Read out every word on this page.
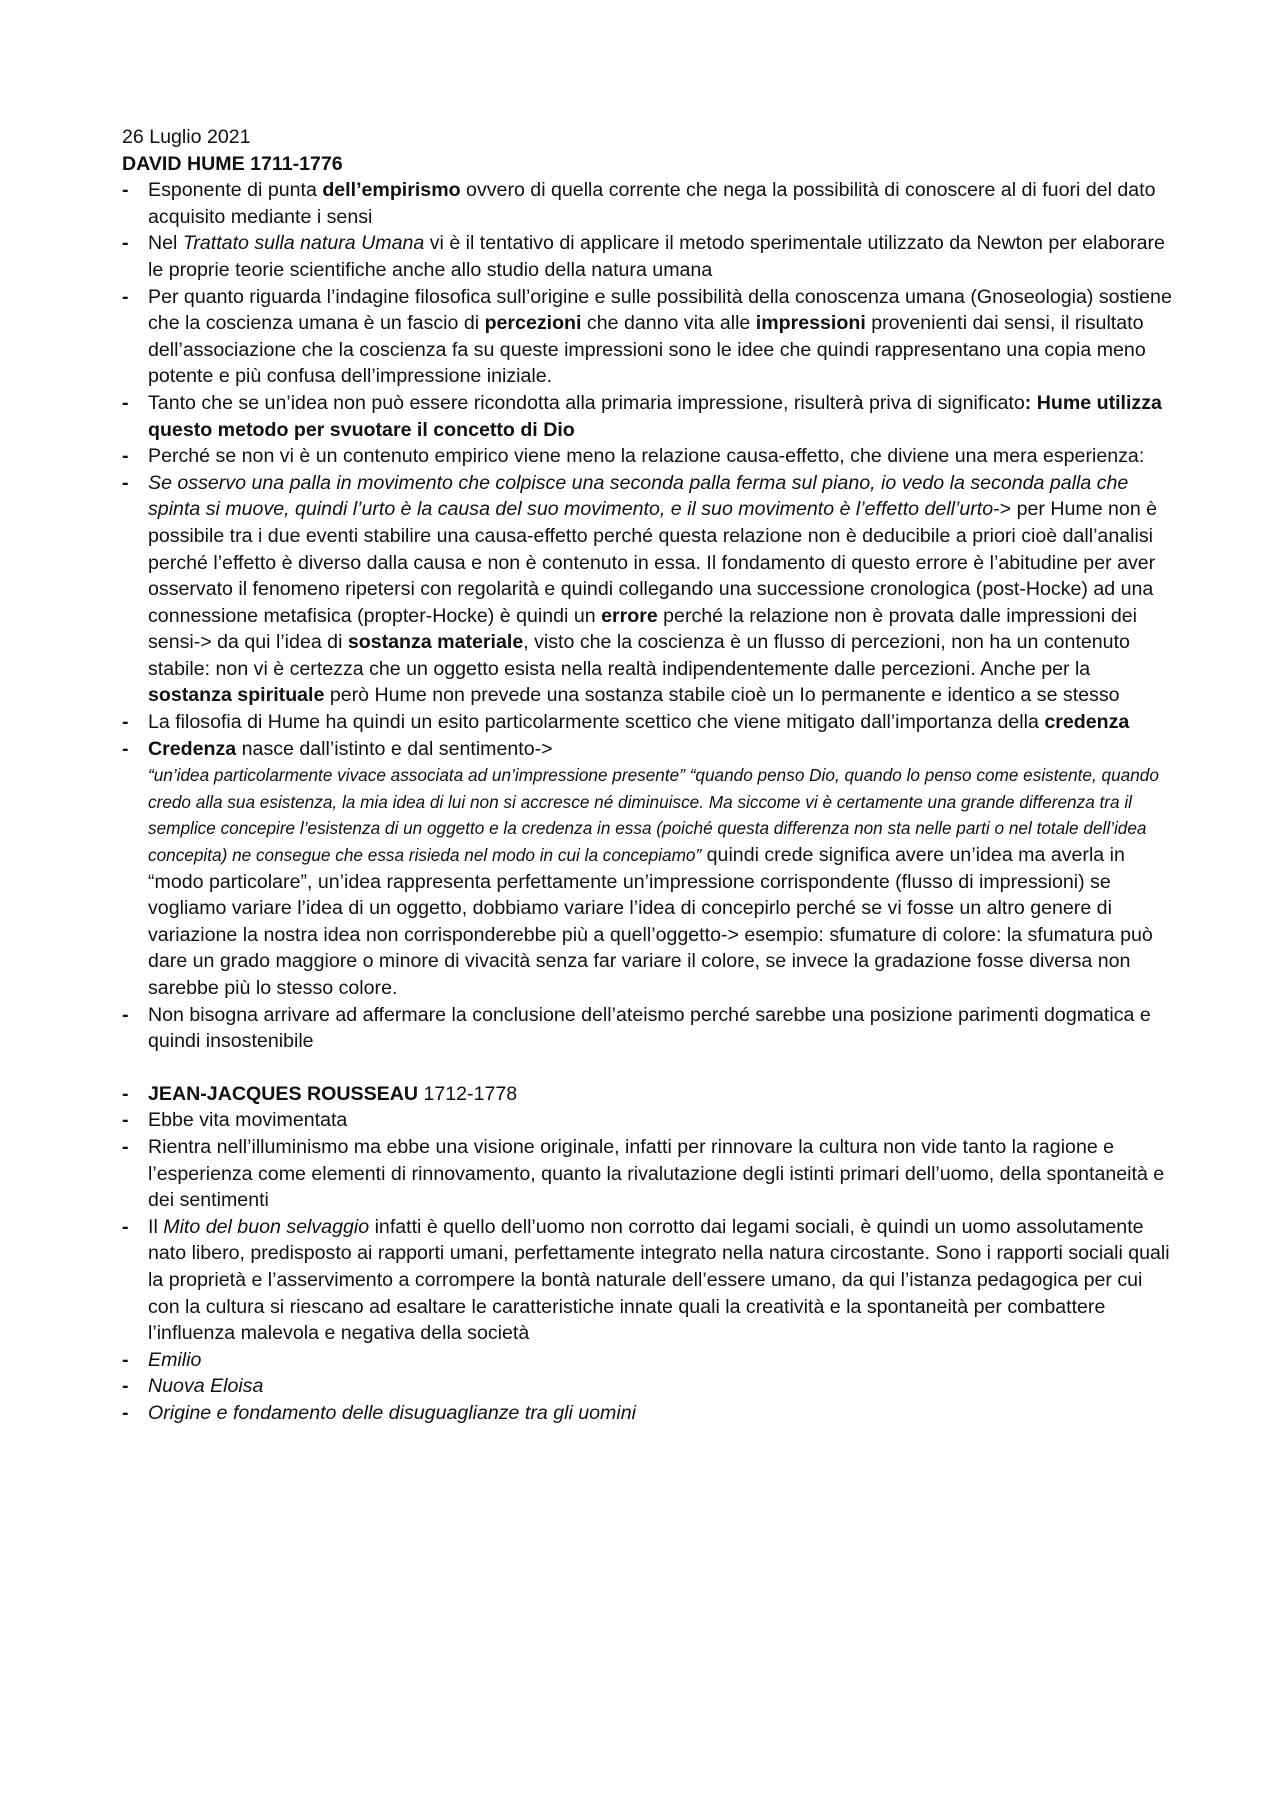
26 Luglio 2021

DAVID HUME 1711-1776

- Esponente di punta dell’empirismo ovvero di quella corrente che nega la possibilità di conoscere al di fuori del dato acquisito mediante i sensi

- Nel Trattato sulla natura Umana vi è il tentativo di applicare il metodo sperimentale utilizzato da Newton per elaborare le proprie teorie scientifiche anche allo studio della natura umana

- Per quanto riguarda l’indagine filosofica sull’origine e sulle possibilità della conoscenza umana (Gnoseologia) sostiene che la coscienza umana è un fascio di percezioni che danno vita alle impressioni provenienti dai sensi, il risultato dell’associazione che la coscienza fa su queste impressioni sono le idee che quindi rappresentano una copia meno potente e più confusa dell’impressione iniziale.

- Tanto che se un’idea non può essere ricondotta alla primaria impressione, risulterà priva di significato: Hume utilizza questo metodo per svuotare il concetto di Dio

- Perché se non vi è un contenuto empirico viene meno la relazione causa-effetto, che diviene una mera esperienza:

- Se osservo una palla in movimento che colpisce una seconda palla ferma sul piano, io vedo la seconda palla che spinta si muove, quindi l’urto è la causa del suo movimento, e il suo movimento è l’effetto dell’urto-> per Hume non è possibile tra i due eventi stabilire una causa-effetto perché questa relazione non è deducibile a priori cioè dall’analisi perché l’effetto è diverso dalla causa e non è contenuto in essa. Il fondamento di questo errore è l’abitudine per aver osservato il fenomeno ripetersi con regolarità e quindi collegando una successione cronologica (post-Hocke) ad una connessione metafisica (propter-Hocke) è quindi un errore perché la relazione non è provata dalle impressioni dei sensi-> da qui l’idea di sostanza materiale, visto che la coscienza è un flusso di percezioni, non ha un contenuto stabile: non vi è certezza che un oggetto esista nella realtà indipendentemente dalle percezioni. Anche per la sostanza spirituale però Hume non prevede una sostanza stabile cioè un Io permanente e identico a se stesso

- La filosofia di Hume ha quindi un esito particolarmente scettico che viene mitigato dall’importanza della credenza

- Credenza nasce dall’istinto e dal sentimento->
“un’idea particolarmente vivace associata ad un’impressione presente” “quando penso Dio, quando lo penso come esistente, quando credo alla sua esistenza, la mia idea di lui non si accresce né diminuisce. Ma siccome vi è certamente una grande differenza tra il semplice concepire l’esistenza di un oggetto e la credenza in essa (poiché questa differenza non sta nelle parti o nel totale dell’idea concepita) ne consegue che essa risieda nel modo in cui la concepiamo” quindi crede significa avere un’idea ma averla in “modo particolare”, un’idea rappresenta perfettamente un’impressione corrispondente (flusso di impressioni) se vogliamo variare l’idea di un oggetto, dobbiamo variare l’idea di concepirlo perché se vi fosse un altro genere di variazione la nostra idea non corrisponderebbe più a quell’oggetto-> esempio: sfumature di colore: la sfumatura può dare un grado maggiore o minore di vivacità senza far variare il colore, se invece la gradazione fosse diversa non sarebbe più lo stesso colore.

- Non bisogna arrivare ad affermare la conclusione dell’ateismo perché sarebbe una posizione parimenti dogmatica e quindi insostenibile

- JEAN-JACQUES ROUSSEAU 1712-1778

- Ebbe vita movimentata

- Rientra nell’illuminismo ma ebbe una visione originale, infatti per rinnovare la cultura non vide tanto la ragione e l’esperienza come elementi di rinnovamento, quanto la rivalutazione degli istinti primari dell’uomo, della spontaneità e dei sentimenti

- Il Mito del buon selvaggio infatti è quello dell’uomo non corrotto dai legami sociali, è quindi un uomo assolutamente nato libero, predisposto ai rapporti umani, perfettamente integrato nella natura circostante. Sono i rapporti sociali quali la proprietà e l’asservimento a corrompere la bontà naturale dell’essere umano, da qui l’istanza pedagogica per cui con la cultura si riescano ad esaltare le caratteristiche innate quali la creatività e la spontaneità per combattere l’influenza malevola e negativa della società

- Emilio

- Nuova Eloisa

- Origine e fondamento delle disuguaglianze tra gli uomini
